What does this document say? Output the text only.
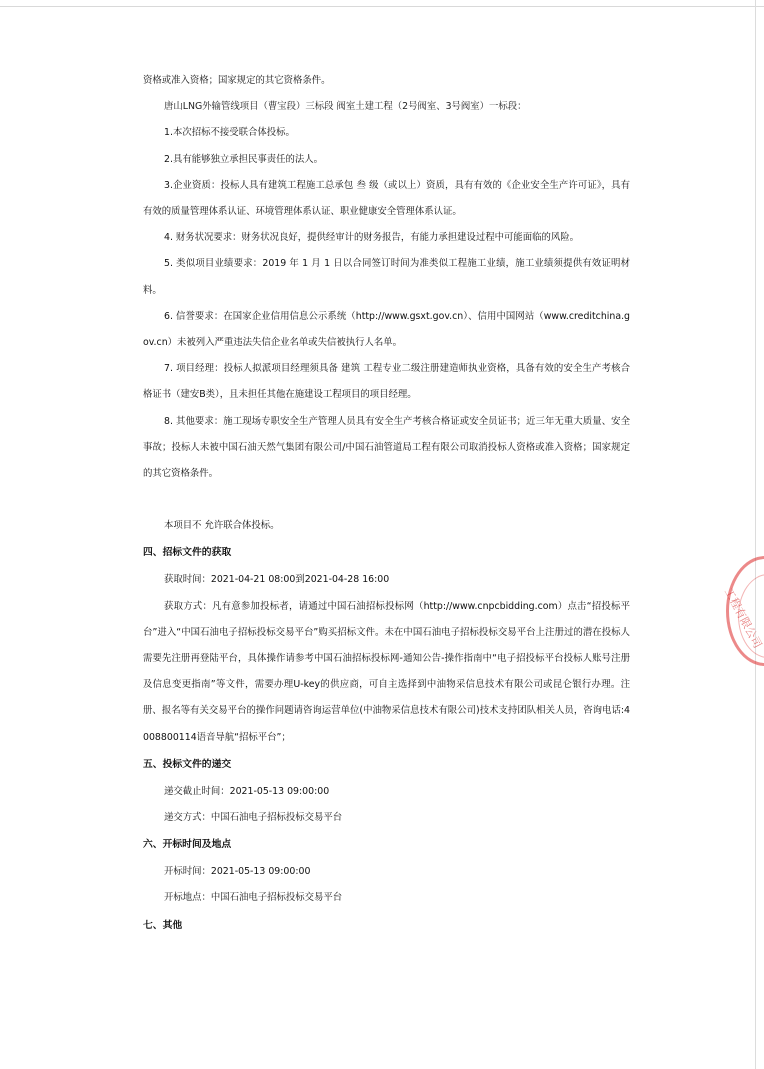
资格或准入资格；国家规定的其它资格条件。

唐山LNG外输管线项目（曹宝段）三标段 阀室土建工程（2号阀室、3号阀室）一标段：

1.本次招标不接受联合体投标。

2.具有能够独立承担民事责任的法人。

3.企业资质：投标人具有建筑工程施工总承包 叁 级（或以上）资质，具有有效的《企业安全生产许可证》，具有有效的质量管理体系认证、环境管理体系认证、职业健康安全管理体系认证。

4. 财务状况要求：财务状况良好，提供经审计的财务报告，有能力承担建设过程中可能面临的风险。

5. 类似项目业绩要求：2019 年 1 月 1 日以合同签订时间为准类似工程施工业绩，施工业绩须提供有效证明材料。

6. 信誉要求：在国家企业信用信息公示系统（http://www.gsxt.gov.cn）、信用中国网站（www.creditchina.gov.cn）未被列入严重违法失信企业名单或失信被执行人名单。

7. 项目经理：投标人拟派项目经理须具备 建筑 工程专业二级注册建造师执业资格，具备有效的安全生产考核合格证书（建安B类），且未担任其他在施建设工程项目的项目经理。

8. 其他要求：施工现场专职安全生产管理人员具有安全生产考核合格证或安全员证书；近三年无重大质量、安全事故；投标人未被中国石油天然气集团有限公司/中国石油管道局工程有限公司取消投标人资格或准入资格；国家规定的其它资格条件。

本项目不 允许联合体投标。

四、招标文件的获取

获取时间：2021-04-21 08:00到2021-04-28 16:00

获取方式：凡有意参加投标者，请通过中国石油招标投标网（http://www.cnpcbidding.com）点击“招投标平台”进入“中国石油电子招标投标交易平台”购买招标文件。未在中国石油电子招标投标交易平台上注册过的潜在投标人需要先注册再登陆平台，具体操作请参考中国石油招标投标网-通知公告-操作指南中“电子招投标平台投标人账号注册及信息变更指南”等文件，需要办理U-key的供应商，可自主选择到中油物采信息技术有限公司或昆仑银行办理。注册、报名等有关交易平台的操作问题请咨询运营单位(中油物采信息技术有限公司)技术支持团队相关人员，咨询电话:4008800114语音导航“招标平台”；

五、投标文件的递交

递交截止时间：2021-05-13 09:00:00

递交方式：中国石油电子招标投标交易平台

六、开标时间及地点

开标时间：2021-05-13 09:00:00

开标地点：中国石油电子招标投标交易平台

七、其他

工程有限公司
